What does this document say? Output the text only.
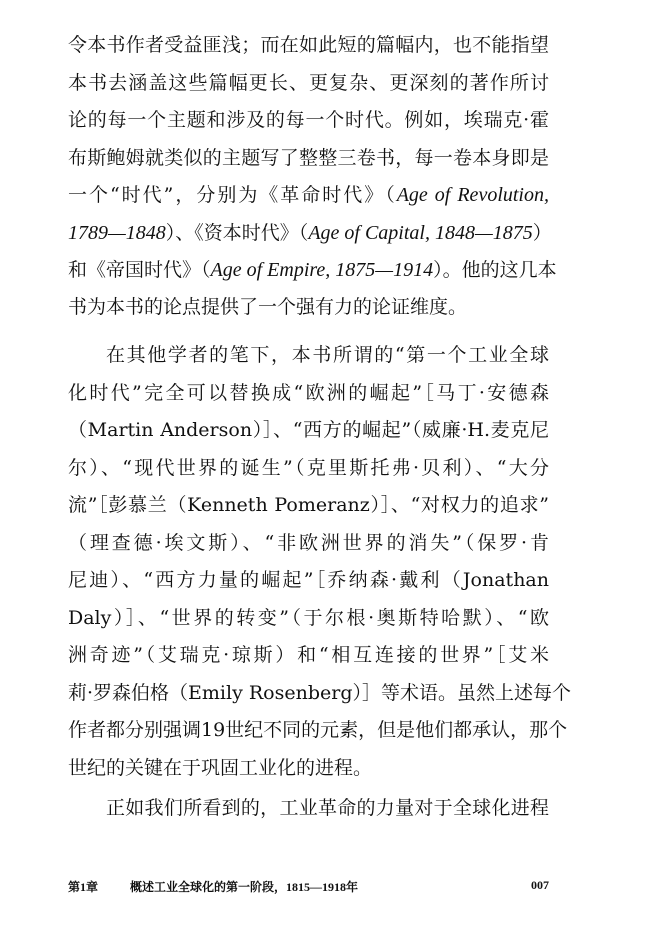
令本书作者受益匪浅；而在如此短的篇幅内，也不能指望
本书去涵盖这些篇幅更长、更复杂、更深刻的著作所讨
论的每一个主题和涉及的每一个时代。例如，埃瑞克·霍
布斯鲍姆就类似的主题写了整整三卷书，每一卷本身即是
一个“时代”，分别为《革命时代》（Age of Revolution,
1789—1848）、《资本时代》（Age of Capital, 1848—1875）
和《帝国时代》（Age of Empire, 1875—1914）。他的这几本
书为本书的论点提供了一个强有力的论证维度。
在其他学者的笔下，本书所谓的“第一个工业全球
化时代”完全可以替换成“欧洲的崛起”［马丁·安德森
（Martin Anderson）］、“西方的崛起”（威廉·H.麦克尼
尔）、“现代世界的诞生”（克里斯托弗·贝利）、“大分
流”［彭慕兰（Kenneth Pomeranz）］、“对权力的追求”
（理查德·埃文斯）、“非欧洲世界的消失”（保罗·肯
尼迪）、“西方力量的崛起”［乔纳森·戴利（Jonathan
Daly）］、“世界的转变”（于尔根·奥斯特哈默）、“欧
洲奇迹”（艾瑞克·琼斯）和“相互连接的世界”［艾米
莉·罗森伯格（Emily Rosenberg）］等术语。虽然上述每个
作者都分别强调19世纪不同的元素，但是他们都承认，那个
世纪的关键在于巩固工业化的进程。
正如我们所看到的，工业革命的力量对于全球化进程
第1章	概述工业全球化的第一阶段，1815—1918年	007
